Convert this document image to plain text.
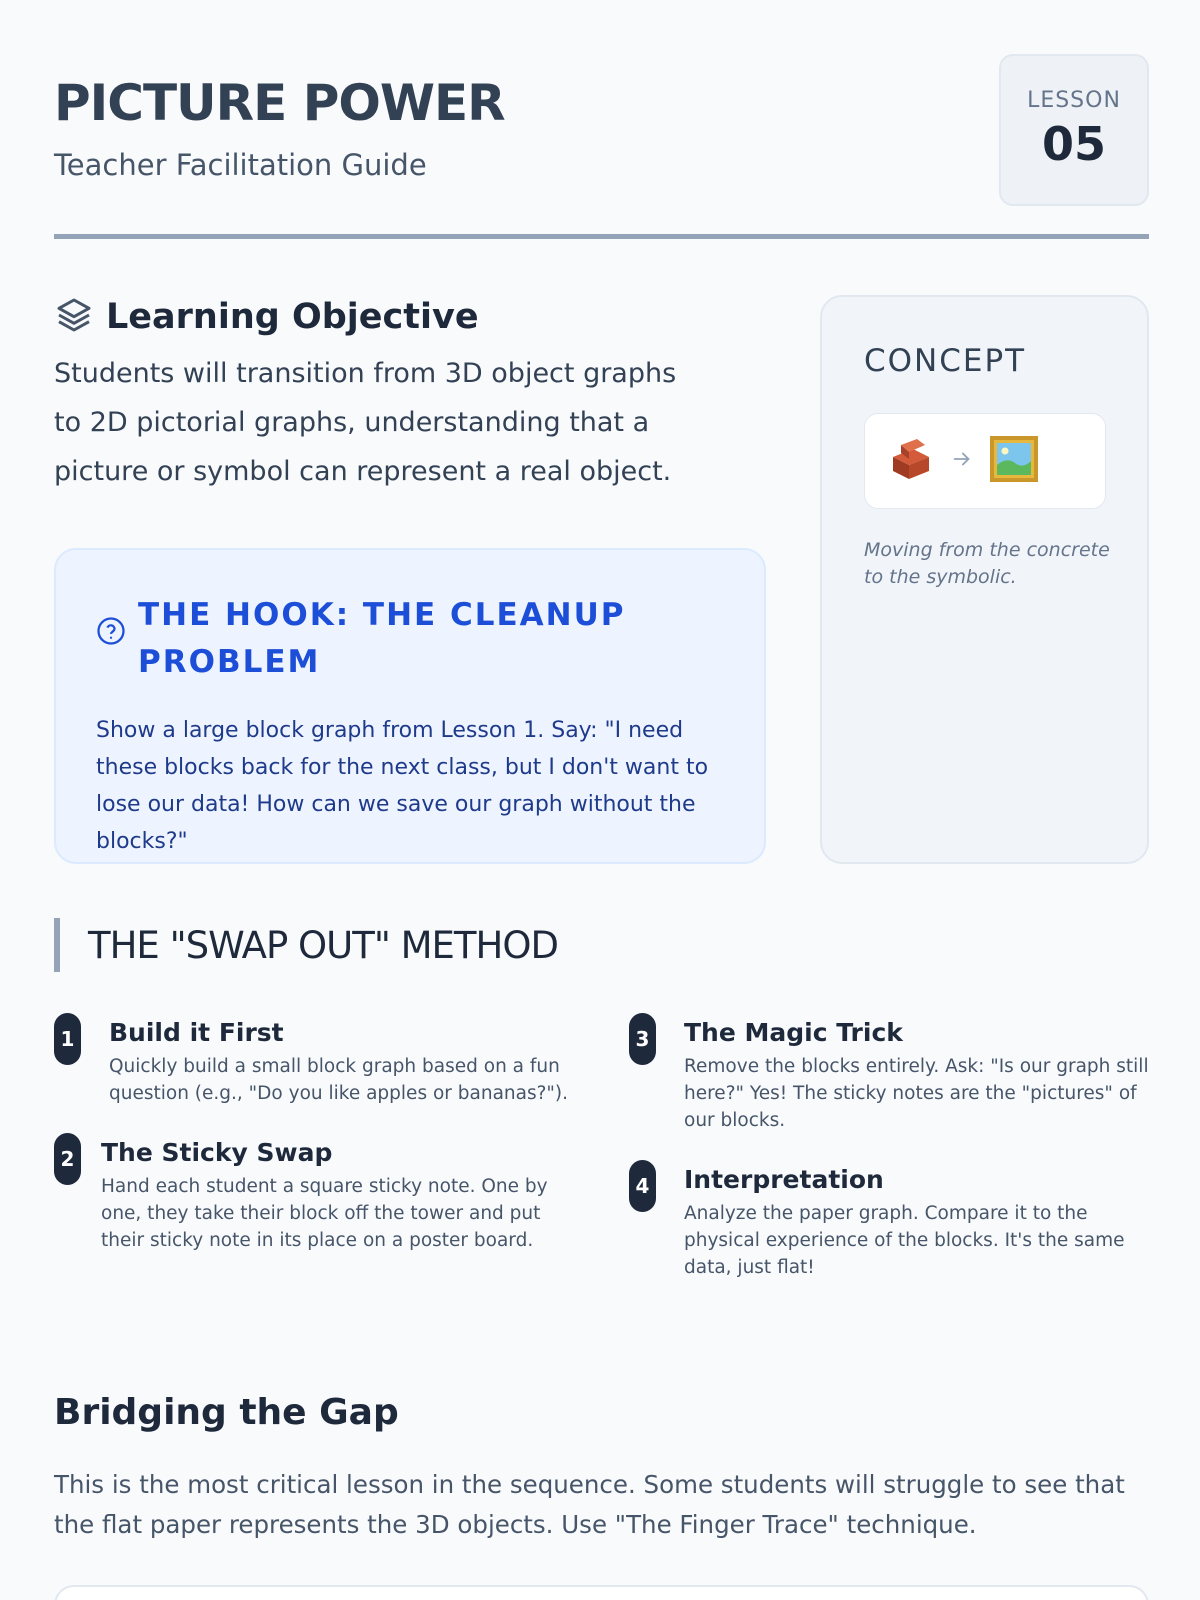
PICTURE POWER
Teacher Facilitation Guide
LESSON
05
Learning Objective
Students will transition from 3D object graphs to 2D pictorial graphs, understanding that a picture or symbol can represent a real object.
THE HOOK: THE CLEANUP PROBLEM
Show a large block graph from Lesson 1. Say: "I need these blocks back for the next class, but I don't want to lose our data! How can we save our graph without the blocks?"
CONCEPT
Moving from the concrete to the symbolic.
THE "SWAP OUT" METHOD
1 Build it First
Quickly build a small block graph based on a fun question (e.g., "Do you like apples or bananas?").
2 The Sticky Swap
Hand each student a square sticky note. One by one, they take their block off the tower and put their sticky note in its place on a poster board.
3 The Magic Trick
Remove the blocks entirely. Ask: "Is our graph still here?" Yes! The sticky notes are the "pictures" of our blocks.
4 Interpretation
Analyze the paper graph. Compare it to the physical experience of the blocks. It's the same data, just flat!
Bridging the Gap
This is the most critical lesson in the sequence. Some students will struggle to see that the flat paper represents the 3D objects. Use "The Finger Trace" technique.
